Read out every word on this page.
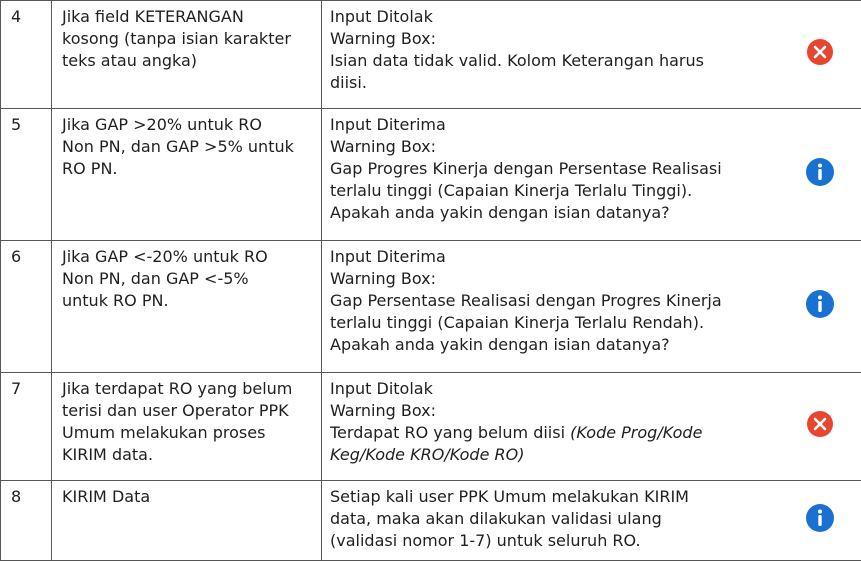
4	Jika field KETERANGAN
kosong (tanpa isian karakter
teks atau angka)	Input Ditolak
Warning Box:
Isian data tidak valid. Kolom Keterangan harus
diisi.

5	Jika GAP >20% untuk RO
Non PN, dan GAP >5% untuk
RO PN.	Input Diterima
Warning Box:
Gap Progres Kinerja dengan Persentase Realisasi
terlalu tinggi (Capaian Kinerja Terlalu Tinggi).
Apakah anda yakin dengan isian datanya?

6	Jika GAP <-20% untuk RO
Non PN, dan GAP <-5%
untuk RO PN.	Input Diterima
Warning Box:
Gap Persentase Realisasi dengan Progres Kinerja
terlalu tinggi (Capaian Kinerja Terlalu Rendah).
Apakah anda yakin dengan isian datanya?

7	Jika terdapat RO yang belum
terisi dan user Operator PPK
Umum melakukan proses
KIRIM data.	Input Ditolak
Warning Box:
Terdapat RO yang belum diisi (Kode Prog/Kode
Keg/Kode KRO/Kode RO)

8	KIRIM Data	Setiap kali user PPK Umum melakukan KIRIM
data, maka akan dilakukan validasi ulang
(validasi nomor 1-7) untuk seluruh RO.
